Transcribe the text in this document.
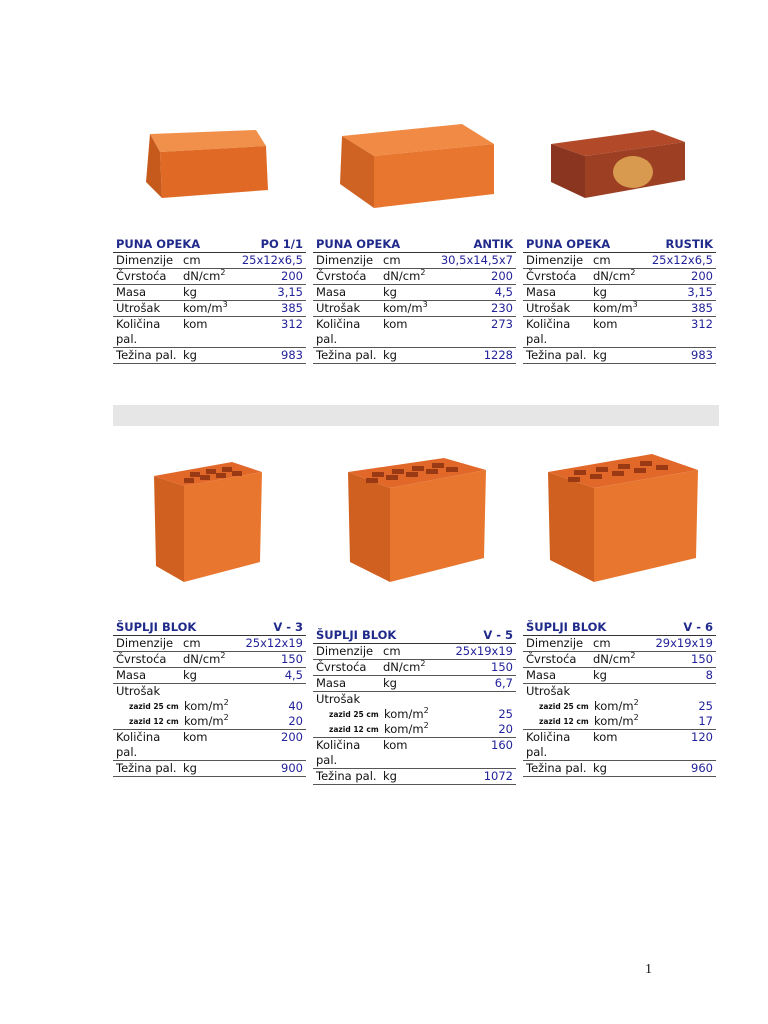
PUNA OPEKA	PO 1/1
Dimenzije cm	25x12x6,5
Čvrstoća	$dN/cm^2$	200
Masa	kg	3,15
Utrošak	kom/$m^3$	385
Količina pal.
kom	312
Težina pal. kg	983
PUNA OPEKA	ANTIK
Dimenzije cm	30,5x14,5x7
Čvrstoća	$dN/cm^2$	200
Masa	kg	4,5
Utrošak	kom/$m^3$	230
Količina pal.
kom	273
Težina pal. kg	1228
PUNA OPEKA	RUSTIK
Dimenzije cm	25x12x6,5
Čvrstoća	$dN/cm^2$	200
Masa	kg	3,15
Utrošak	kom/$m^3$	385
Količina pal.
kom	312
Težina pal. kg	983
ŠUPLJI BLOK	V - 3
Dimenzije cm	25x12x19
Čvrstoća	$dN/cm^2$	150
Masa	kg	4,5
Utrošak
zazid 25 cm kom/$m^2$	40
zazid 12 cm kom/$m^2$	20
Količina pal.
kom	200
Težina pal. kg	900
ŠUPLJI BLOK	V - 5
Dimenzije cm	25x19x19
Čvrstoća	$dN/cm^2$	150
Masa	kg	6,7
Utrošak
zazid 25 cm kom/$m^2$	25
zazid 12 cm kom/$m^2$	20
Količina pal.
kom	160
Težina pal. kg	1072
ŠUPLJI BLOK	V - 6
Dimenzije cm	29x19x19
Čvrstoća	$dN/cm^2$	150
Masa	kg	8
Utrošak
zazid 25 cm kom/$m^2$	25
zazid 12 cm kom/$m^2$	17
Količina pal.
kom	120
Težina pal. kg	960
1
